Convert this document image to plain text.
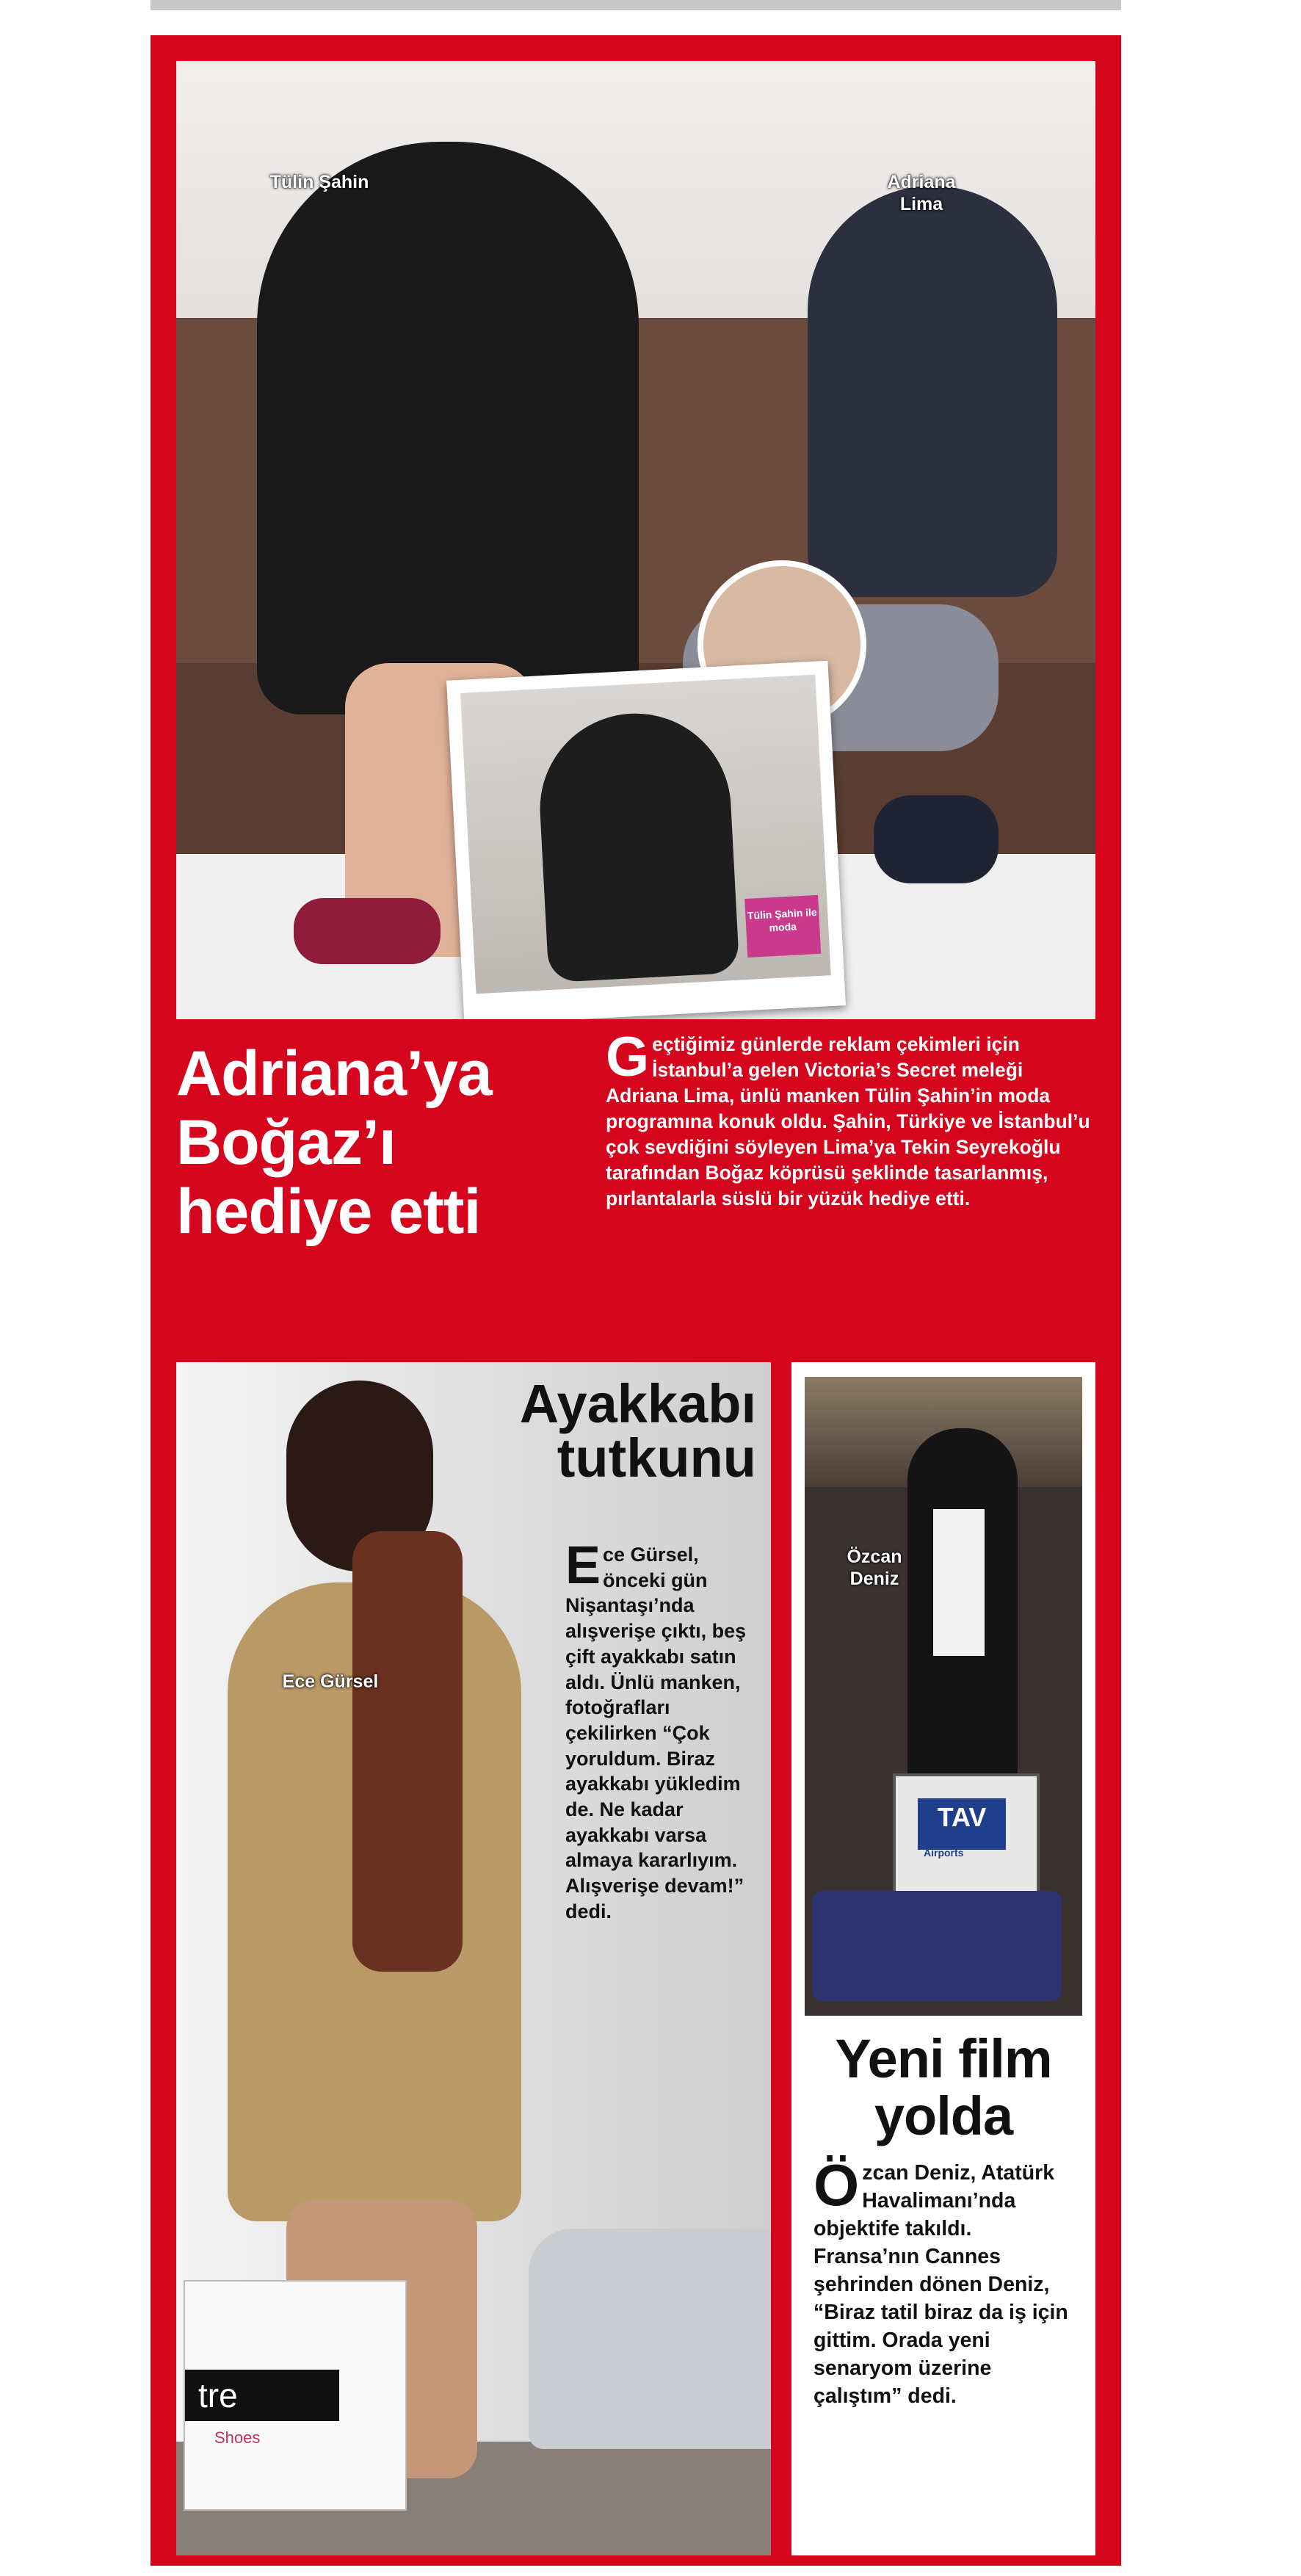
Tülin Şahin ile moda
Tülin Şahin	Adriana Lima
Adriana’ya Boğaz’ı hediye etti
Geçtiğimiz günlerde reklam çekimleri için İstanbul’a gelen Victoria’s Secret meleği Adriana Lima, ünlü manken Tülin Şahin’in moda programına konuk oldu. Şahin, Türkiye ve İstanbul’u çok sevdiğini söyleyen Lima’ya Tekin Seyrekoğlu tarafından Boğaz köprüsü şeklinde tasarlanmış, pırlantalarla süslü bir yüzük hediye etti.
tre
Shoes
Ece Gürsel
Ayakkabı tutkunu
Ece Gürsel, önceki gün Nişantaşı’nda alışverişe çıktı, beş çift ayakkabı satın aldı. Ünlü manken, fotoğrafları çekilirken “Çok yoruldum. Biraz ayakkabı yükledim de. Ne kadar ayakkabı varsa almaya kararlıyım. Alışverişe devam!” dedi.
TAV
Airports
Özcan Deniz
Yeni film yolda
Özcan Deniz, Atatürk Havalimanı’nda objektife takıldı. Fransa’nın Cannes şehrinden dönen Deniz, “Biraz tatil biraz da iş için gittim. Orada yeni senaryom üzerine çalıştım” dedi.
